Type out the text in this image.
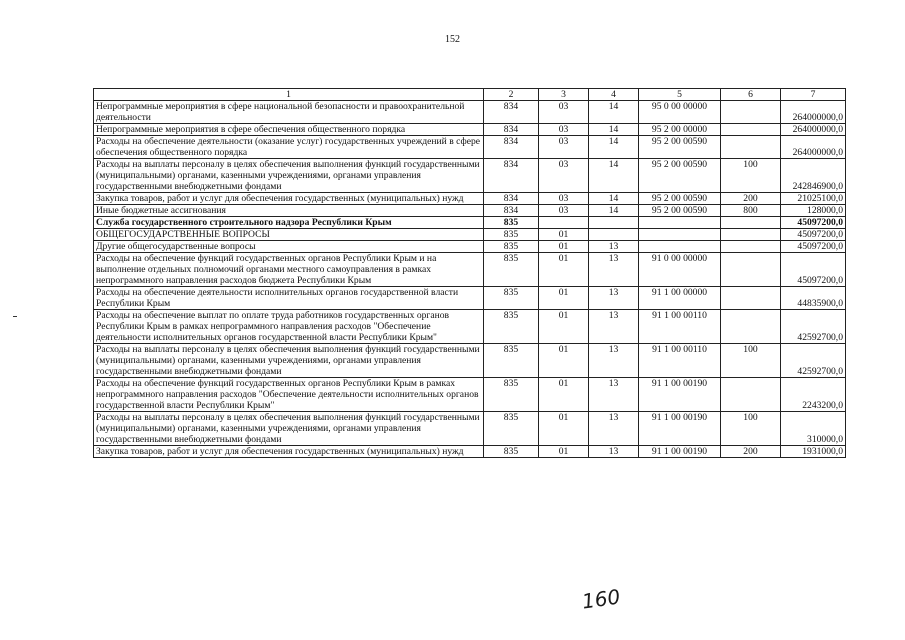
152
1	2	3	4	5	6	7
Непрограммные мероприятия в сфере национальной безопасности и правоохранительной деятельности	834	03	14	95 0 00 00000		264000000,0
Непрограммные мероприятия в сфере обеспечения общественного порядка	834	03	14	95 2 00 00000		264000000,0
Расходы на обеспечение деятельности (оказание услуг) государственных учреждений в сфере обеспечения общественного порядка	834	03	14	95 2 00 00590		264000000,0
Расходы на выплаты персоналу в целях обеспечения выполнения функций государственными (муниципальными) органами, казенными учреждениями, органами управления государственными внебюджетными фондами	834	03	14	95 2 00 00590	100	242846900,0
Закупка товаров, работ и услуг для обеспечения государственных (муниципальных) нужд	834	03	14	95 2 00 00590	200	21025100,0
Иные бюджетные ассигнования	834	03	14	95 2 00 00590	800	128000,0
Служба государственного строительного надзора Республики Крым	835					45097200,0
ОБЩЕГОСУДАРСТВЕННЫЕ ВОПРОСЫ	835	01				45097200,0
Другие общегосударственные вопросы	835	01	13			45097200,0
Расходы на обеспечение функций государственных органов Республики Крым и на выполнение отдельных полномочий органами местного самоуправления в рамках непрограммного направления расходов бюджета Республики Крым	835	01	13	91 0 00 00000		45097200,0
Расходы на обеспечение деятельности исполнительных органов государственной власти Республики Крым	835	01	13	91 1 00 00000		44835900,0
Расходы на обеспечение выплат по оплате труда работников государственных органов Республики Крым в рамках непрограммного направления расходов "Обеспечение деятельности исполнительных органов государственной власти Республики Крым"	835	01	13	91 1 00 00110		42592700,0
Расходы на выплаты персоналу в целях обеспечения выполнения функций государственными (муниципальными) органами, казенными учреждениями, органами управления государственными внебюджетными фондами	835	01	13	91 1 00 00110	100	42592700,0
Расходы на обеспечение функций государственных органов Республики Крым в рамках непрограммного направления расходов "Обеспечение деятельности исполнительных органов государственной власти Республики Крым"	835	01	13	91 1 00 00190		2243200,0
Расходы на выплаты персоналу в целях обеспечения выполнения функций государственными (муниципальными) органами, казенными учреждениями, органами управления государственными внебюджетными фондами	835	01	13	91 1 00 00190	100	310000,0
Закупка товаров, работ и услуг для обеспечения государственных (муниципальных) нужд	835	01	13	91 1 00 00190	200	1931000,0
160
